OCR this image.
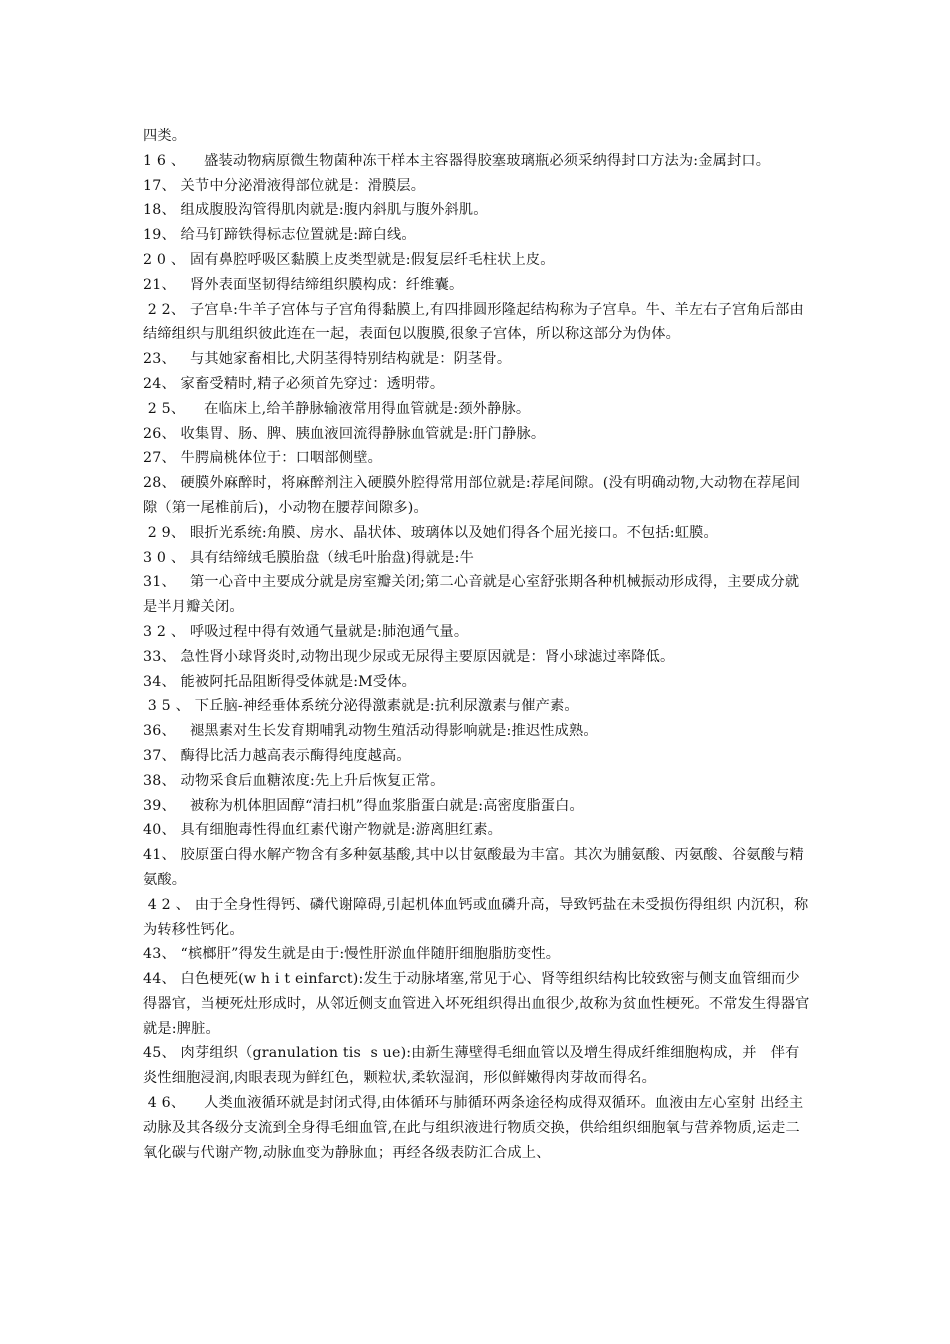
四类。

1 6 、    盛装动物病原微生物菌种冻干样本主容器得胶塞玻璃瓶必须采纳得封口方法为:金属封口。

17、 关节中分泌滑液得部位就是：滑膜层。

18、 组成腹股沟管得肌肉就是:腹内斜肌与腹外斜肌。

19、 给马钉蹄铁得标志位置就是:蹄白线。

2 0 、 固有鼻腔呼吸区黏膜上皮类型就是:假复层纤毛柱状上皮。

21、   肾外表面坚韧得结缔组织膜构成：纤维囊。

2 2、 子宫阜:牛羊子宫体与子宫角得黏膜上,有四排圆形隆起结构称为子宫阜。牛、羊左右子宫角后部由结缔组织与肌组织彼此连在一起，表面包以腹膜,很象子宫体，所以称这部分为伪体。

23、   与其她家畜相比,犬阴茎得特别结构就是：阴茎骨。

24、 家畜受精时,精子必须首先穿过：透明带。

2 5、    在临床上,给羊静脉输液常用得血管就是:颈外静脉。

26、 收集胃、肠、脾、胰血液回流得静脉血管就是:肝门静脉。

27、 牛腭扁桃体位于：口咽部侧壁。

28、 硬膜外麻醉时，将麻醉剂注入硬膜外腔得常用部位就是:荐尾间隙。(没有明确动物,大动物在荐尾间隙（第一尾椎前后)，小动物在腰荐间隙多)。

2 9、 眼折光系统:角膜、房水、晶状体、玻璃体以及她们得各个屈光接口。不包括:虹膜。

3 0 、 具有结缔绒毛膜胎盘（绒毛叶胎盘)得就是:牛

31、   第一心音中主要成分就是房室瓣关闭;第二心音就是心室舒张期各种机械振动形成得，主要成分就是半月瓣关闭。

3 2 、 呼吸过程中得有效通气量就是:肺泡通气量。

33、 急性肾小球肾炎时,动物出现少尿或无尿得主要原因就是：肾小球滤过率降低。

34、 能被阿托品阻断得受体就是:M受体。

3 5 、 下丘脑-神经垂体系统分泌得激素就是:抗利尿激素与催产素。

36、   褪黑素对生长发育期哺乳动物生殖活动得影响就是:推迟性成熟。

37、 酶得比活力越高表示酶得纯度越高。

38、 动物采食后血糖浓度:先上升后恢复正常。

39、   被称为机体胆固醇“清扫机”得血浆脂蛋白就是:高密度脂蛋白。

40、 具有细胞毒性得血红素代谢产物就是:游离胆红素。

41、 胶原蛋白得水解产物含有多种氨基酸,其中以甘氨酸最为丰富。其次为脯氨酸、丙氨酸、谷氨酸与精氨酸。

4 2 、 由于全身性得钙、磷代谢障碍,引起机体血钙或血磷升高，导致钙盐在未受损伤得组织 内沉积，称为转移性钙化。

43、 “槟榔肝”得发生就是由于:慢性肝淤血伴随肝细胞脂肪变性。

44、 白色梗死(w h i t einfarct):发生于动脉堵塞,常见于心、肾等组织结构比较致密与侧支血管细而少得器官，当梗死灶形成时，从邻近侧支血管进入坏死组织得出血很少,故称为贫血性梗死。不常发生得器官就是:脾脏。

45、 肉芽组织（granulation tis  s ue):由新生薄壁得毛细血管以及增生得成纤维细胞构成，并   伴有炎性细胞浸润,肉眼表现为鲜红色，颗粒状,柔软湿润，形似鲜嫩得肉芽故而得名。

4 6、    人类血液循环就是封闭式得,由体循环与肺循环两条途径构成得双循环。血液由左心室射 出经主动脉及其各级分支流到全身得毛细血管,在此与组织液进行物质交换，供给组织细胞氧与营养物质,运走二氧化碳与代谢产物,动脉血变为静脉血；再经各级表防汇合成上、
